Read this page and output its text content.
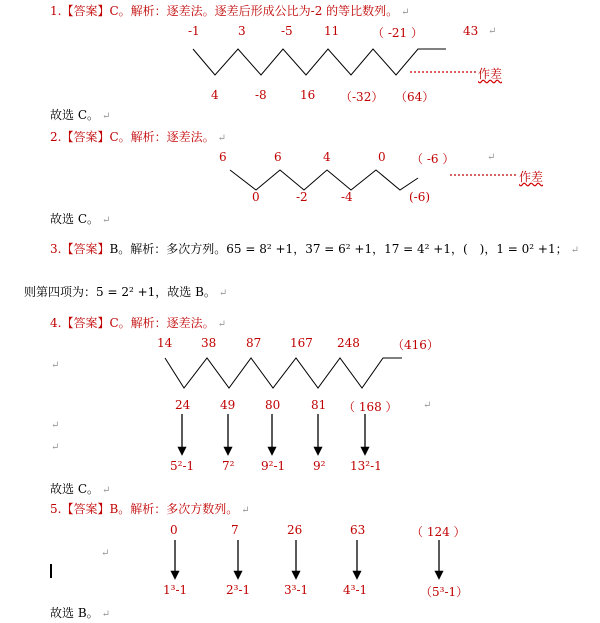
1.【答案】C。解析：逐差法。逐差后形成公比为-2 的等比数列。 ↵
-1	3	-5	11	（ -21 ）	43 ↵
4	-8	16 （-32） （64）
作差
故选 C。 ↵
2.【答案】C。解析：逐差法。 ↵
6	6	4	0 （ -6 ）	↵
0	-2	-4	(-6)
作差
故选 C。 ↵
3.【答案】B。解析：多次方列。65 = 8² +1，37 = 6² +1，17 = 4² +1，(　)，1 = 0² +1； ↵
则第四项为：5 = 2² +1，故选 B。 ↵
4.【答案】C。解析：逐差法。 ↵
14 38 87 167 248	（416）
↵
24 49 80	81 （ 168 ）	↵
↵
↵
5²-1 7² 9²-1 9² 13²-1
故选 C。 ↵
5.【答案】B。解析：多次方数列。 ↵
0	7	26	63	（ 124 ）
↵
1³-1	2³-1	3³-1	4³-1	（5³-1）
故选 B。 ↵
